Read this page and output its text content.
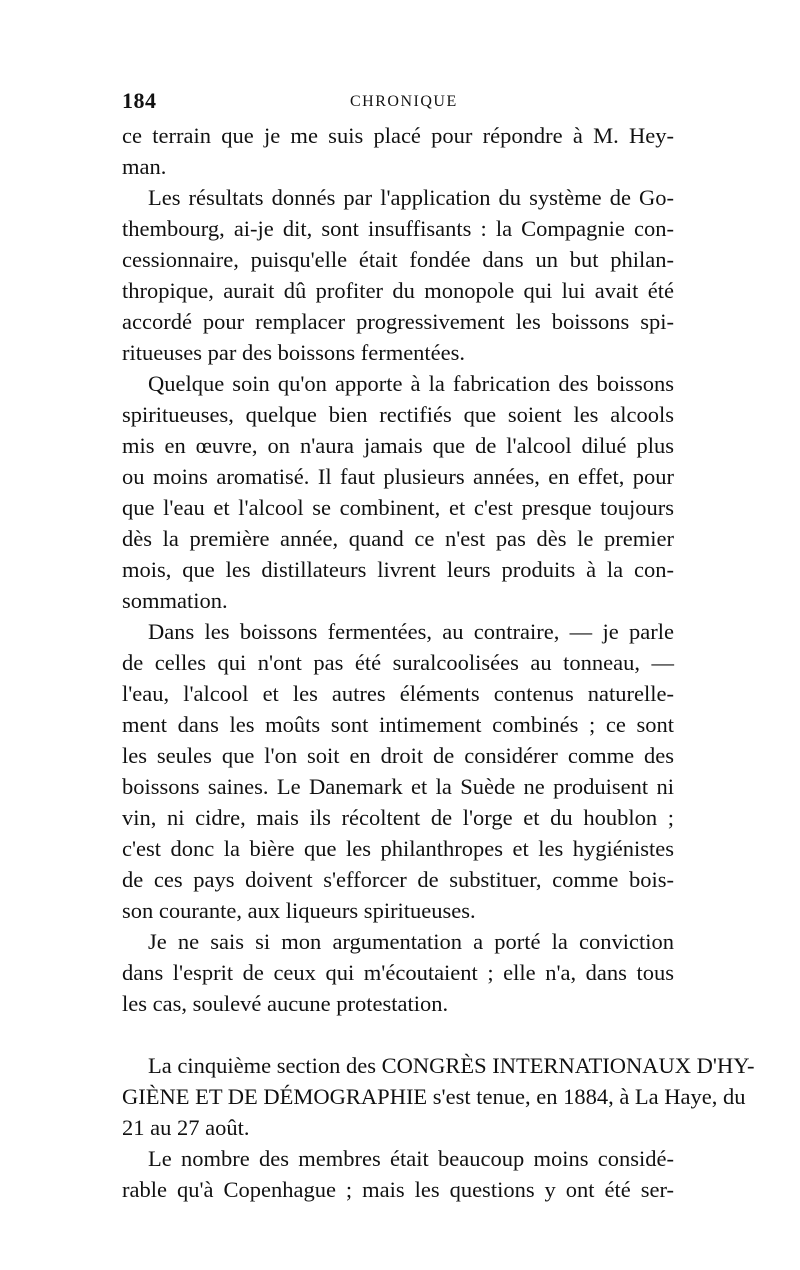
184	CHRONIQUE
ce terrain que je me suis placé pour répondre à M. Hey-
man.
Les résultats donnés par l'application du système de Go-
thembourg, ai-je dit, sont insuffisants : la Compagnie con-
cessionnaire, puisqu'elle était fondée dans un but philan-
thropique, aurait dû profiter du monopole qui lui avait été
accordé pour remplacer progressivement les boissons spi-
ritueuses par des boissons fermentées.
Quelque soin qu'on apporte à la fabrication des boissons
spiritueuses, quelque bien rectifiés que soient les alcools
mis en œuvre, on n'aura jamais que de l'alcool dilué plus
ou moins aromatisé. Il faut plusieurs années, en effet, pour
que l'eau et l'alcool se combinent, et c'est presque toujours
dès la première année, quand ce n'est pas dès le premier
mois, que les distillateurs livrent leurs produits à la con-
sommation.
Dans les boissons fermentées, au contraire, — je parle
de celles qui n'ont pas été suralcoolisées au tonneau, —
l'eau, l'alcool et les autres éléments contenus naturelle-
ment dans les moûts sont intimement combinés ; ce sont
les seules que l'on soit en droit de considérer comme des
boissons saines. Le Danemark et la Suède ne produisent ni
vin, ni cidre, mais ils récoltent de l'orge et du houblon ;
c'est donc la bière que les philanthropes et les hygiénistes
de ces pays doivent s'efforcer de substituer, comme bois-
son courante, aux liqueurs spiritueuses.
Je ne sais si mon argumentation a porté la conviction
dans l'esprit de ceux qui m'écoutaient ; elle n'a, dans tous
les cas, soulevé aucune protestation.
La cinquième section des CONGRÈS INTERNATIONAUX D'HY-
GIÈNE ET DE DÉMOGRAPHIE s'est tenue, en 1884, à La Haye, du
21 au 27 août.
Le nombre des membres était beaucoup moins considé-
rable qu'à Copenhague ; mais les questions y ont été ser-
